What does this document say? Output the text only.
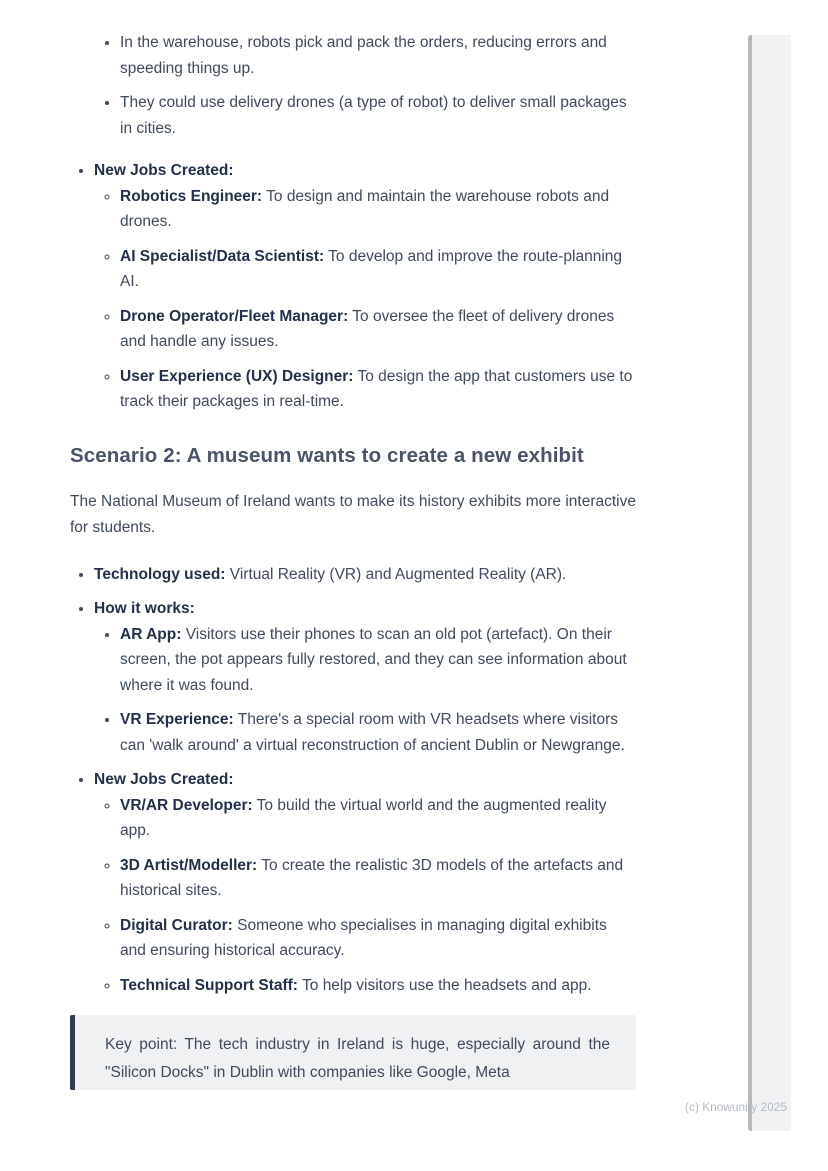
• In the warehouse, robots pick and pack the orders, reducing errors and speeding things up.
• They could use delivery drones (a type of robot) to deliver small packages in cities.
• New Jobs Created:
◦ Robotics Engineer: To design and maintain the warehouse robots and drones.
◦ AI Specialist/Data Scientist: To develop and improve the route-planning AI.
◦ Drone Operator/Fleet Manager: To oversee the fleet of delivery drones and handle any issues.
◦ User Experience (UX) Designer: To design the app that customers use to track their packages in real-time.
Scenario 2: A museum wants to create a new exhibit

The National Museum of Ireland wants to make its history exhibits more interactive for students.

• Technology used: Virtual Reality (VR) and Augmented Reality (AR).
• How it works:
• AR App: Visitors use their phones to scan an old pot (artefact). On their screen, the pot appears fully restored, and they can see information about where it was found.
• VR Experience: There's a special room with VR headsets where visitors can 'walk around' a virtual reconstruction of ancient Dublin or Newgrange.
• New Jobs Created:
◦ VR/AR Developer: To build the virtual world and the augmented reality app.
◦ 3D Artist/Modeller: To create the realistic 3D models of the artefacts and historical sites.
◦ Digital Curator: Someone who specialises in managing digital exhibits and ensuring historical accuracy.
◦ Technical Support Staff: To help visitors use the headsets and app.

Key point: The tech industry in Ireland is huge, especially around the "Silicon Docks" in Dublin with companies like Google, Meta

(c) Knowunity 2025
